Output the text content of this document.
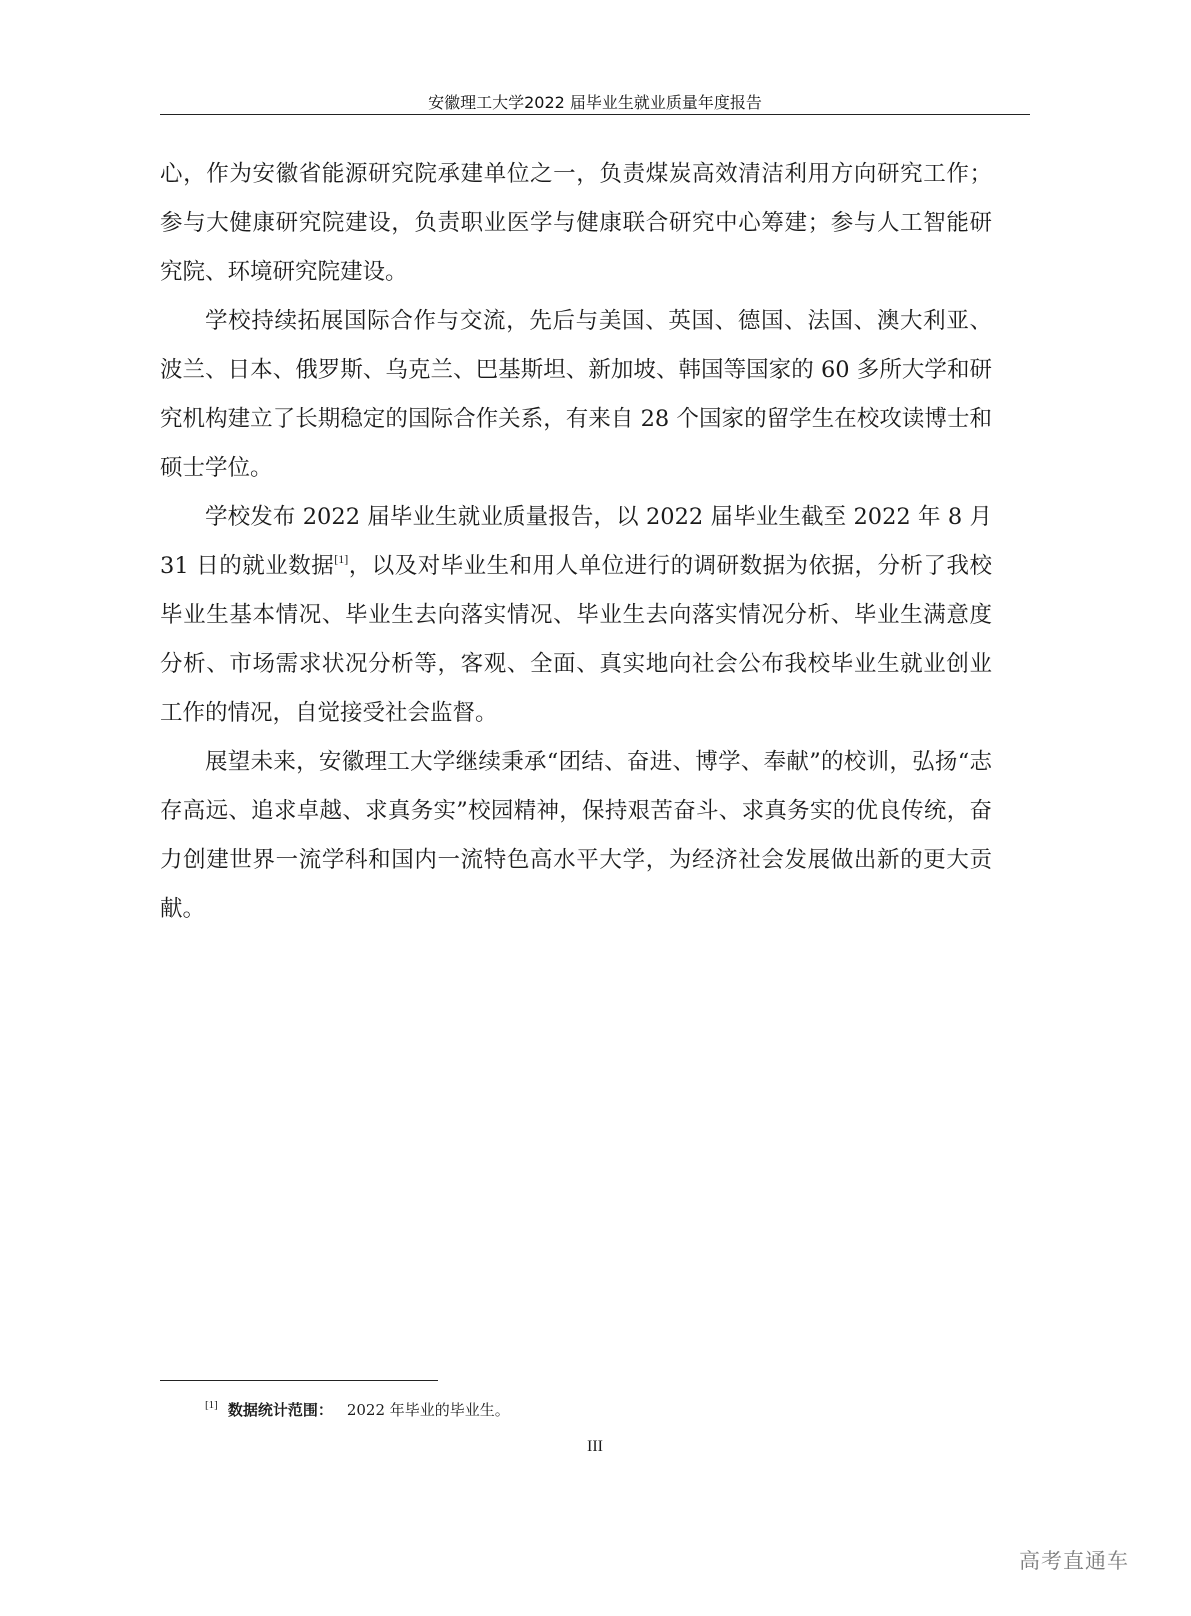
安徽理工大学2022 届毕业生就业质量年度报告

心，作为安徽省能源研究院承建单位之一，负责煤炭高效清洁利用方向研究工作；参与大健康研究院建设，负责职业医学与健康联合研究中心筹建；参与人工智能研究院、环境研究院建设。

学校持续拓展国际合作与交流，先后与美国、英国、德国、法国、澳大利亚、波兰、日本、俄罗斯、乌克兰、巴基斯坦、新加坡、韩国等国家的 60 多所大学和研究机构建立了长期稳定的国际合作关系，有来自 28 个国家的留学生在校攻读博士和硕士学位。

学校发布 2022 届毕业生就业质量报告，以 2022 届毕业生截至 2022 年 8 月 31 日的就业数据[1]，以及对毕业生和用人单位进行的调研数据为依据，分析了我校毕业生基本情况、毕业生去向落实情况、毕业生去向落实情况分析、毕业生满意度分析、市场需求状况分析等，客观、全面、真实地向社会公布我校毕业生就业创业工作的情况，自觉接受社会监督。

展望未来，安徽理工大学继续秉承“团结、奋进、博学、奉献”的校训，弘扬“志存高远、追求卓越、求真务实”校园精神，保持艰苦奋斗、求真务实的优良传统，奋力创建世界一流学科和国内一流特色高水平大学，为经济社会发展做出新的更大贡献。

[1] 数据统计范围： 2022 年毕业的毕业生。
III
高考直通车
